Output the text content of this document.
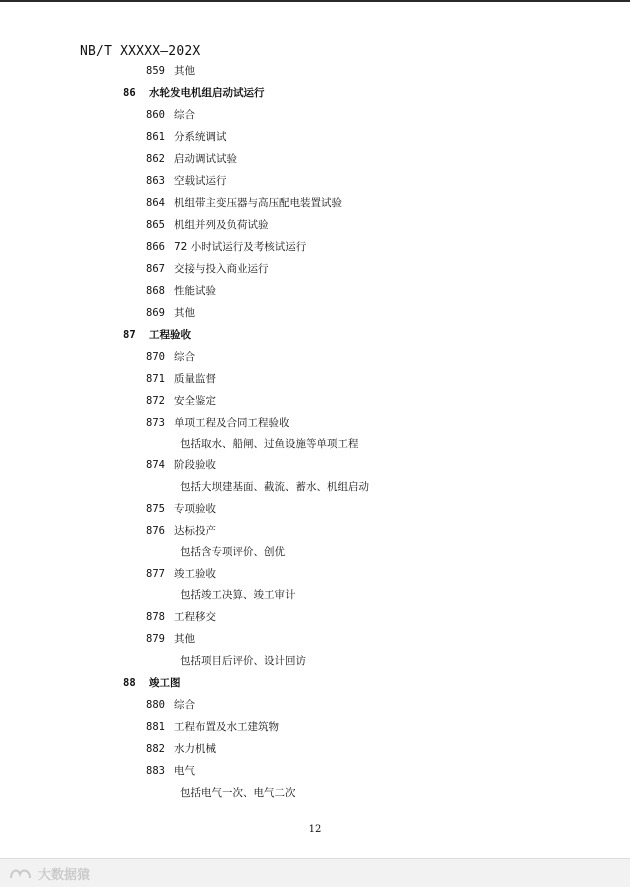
NB/T XXXXX—202X
859 其他
86 水轮发电机组启动试运行
860 综合
861 分系统调试
862 启动调试试验
863 空载试运行
864 机组带主变压器与高压配电装置试验
865 机组并列及负荷试验
866 72 小时试运行及考核试运行
867 交接与投入商业运行
868 性能试验
869 其他
87 工程验收
870 综合
871 质量监督
872 安全鉴定
873 单项工程及合同工程验收
包括取水、船闸、过鱼设施等单项工程
874 阶段验收
包括大坝建基面、截流、蓄水、机组启动
875 专项验收
876 达标投产
包括含专项评价、创优
877 竣工验收
包括竣工决算、竣工审计
878 工程移交
879 其他
包括项目后评价、设计回访
88 竣工图
880 综合
881 工程布置及水工建筑物
882 水力机械
883 电气
包括电气一次、电气二次
12
大数据猿
